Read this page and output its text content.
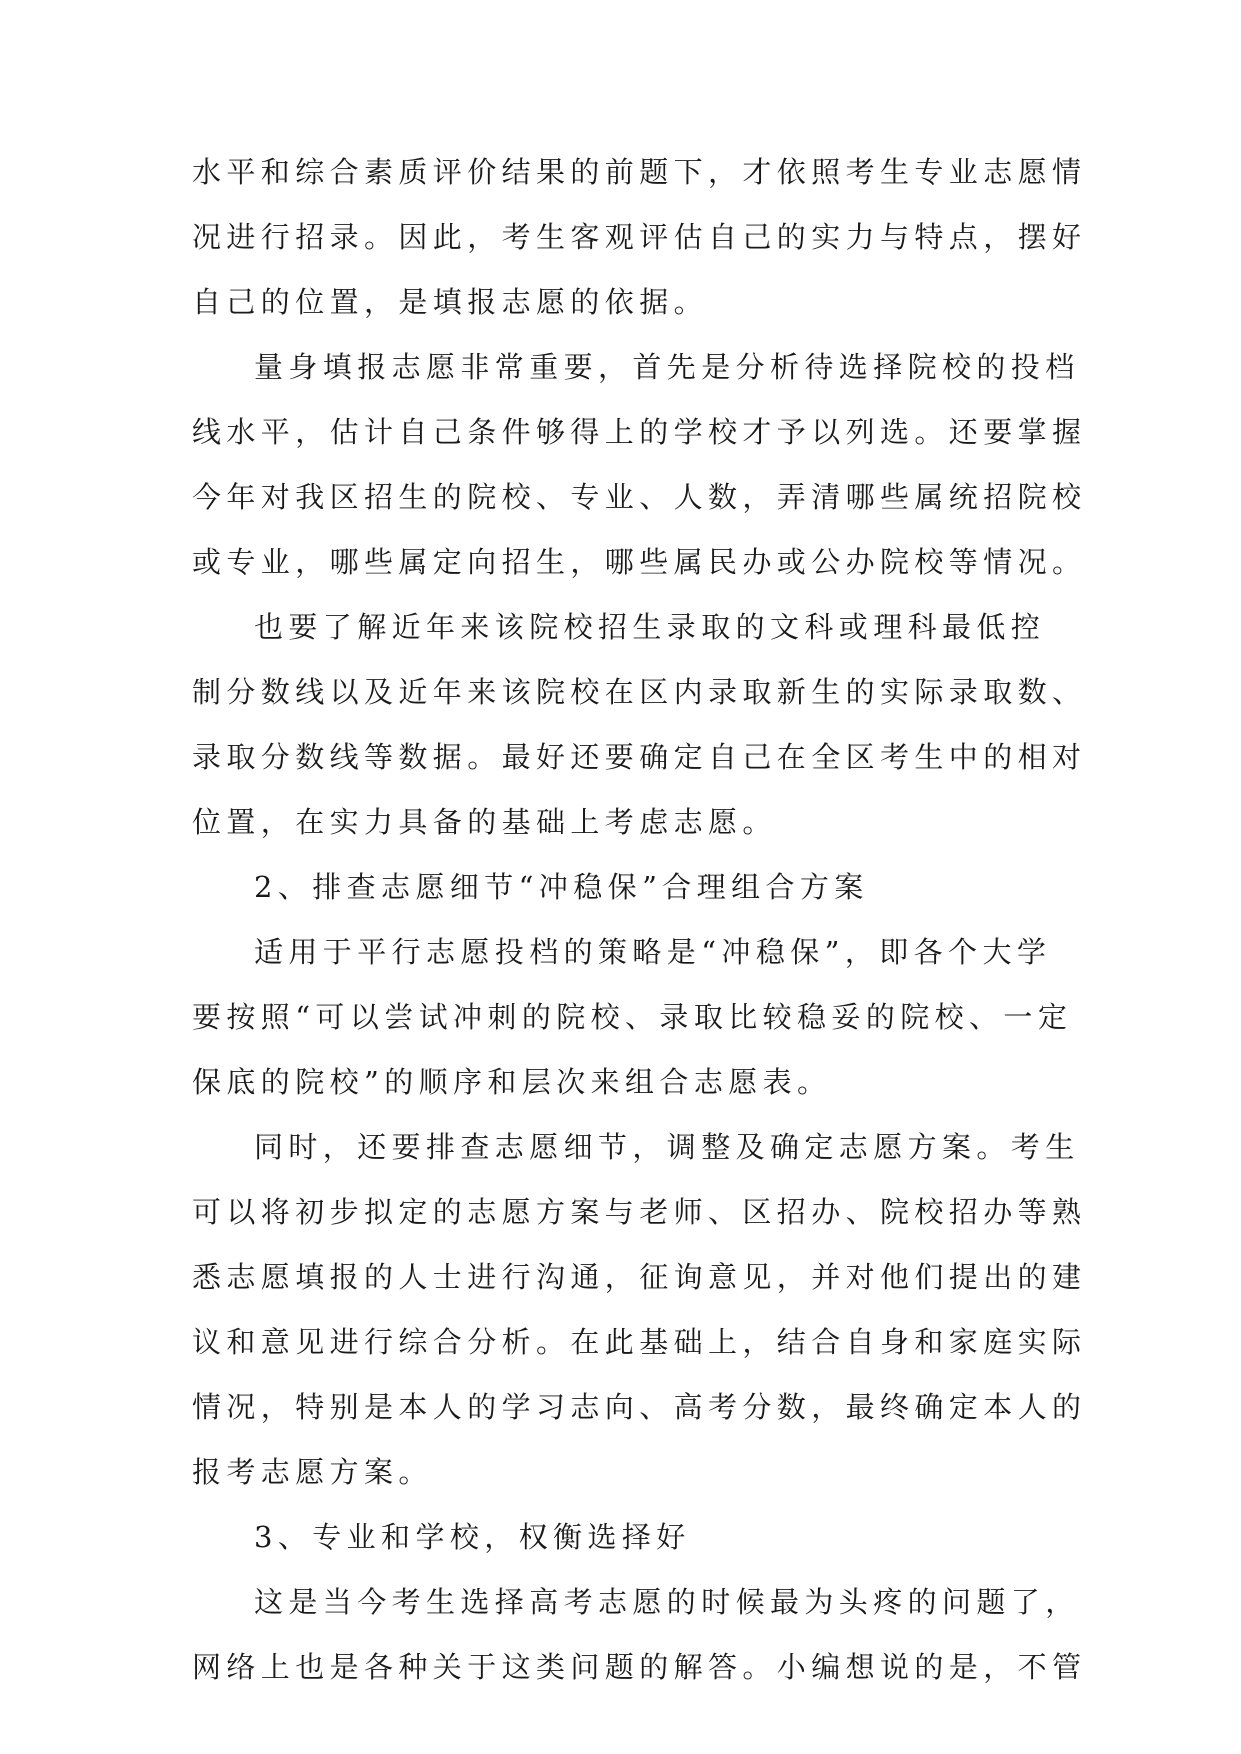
水平和综合素质评价结果的前题下，才依照考生专业志愿情
况进行招录。因此，考生客观评估自己的实力与特点，摆好
自己的位置，是填报志愿的依据。
量身填报志愿非常重要，首先是分析待选择院校的投档
线水平，估计自己条件够得上的学校才予以列选。还要掌握
今年对我区招生的院校、专业、人数，弄清哪些属统招院校
或专业，哪些属定向招生，哪些属民办或公办院校等情况。
也要了解近年来该院校招生录取的文科或理科最低控
制分数线以及近年来该院校在区内录取新生的实际录取数、
录取分数线等数据。最好还要确定自己在全区考生中的相对
位置，在实力具备的基础上考虑志愿。
2、排查志愿细节“冲稳保”合理组合方案
适用于平行志愿投档的策略是“冲稳保”，即各个大学
要按照“可以尝试冲刺的院校、录取比较稳妥的院校、一定
保底的院校”的顺序和层次来组合志愿表。
同时，还要排查志愿细节，调整及确定志愿方案。考生
可以将初步拟定的志愿方案与老师、区招办、院校招办等熟
悉志愿填报的人士进行沟通，征询意见，并对他们提出的建
议和意见进行综合分析。在此基础上，结合自身和家庭实际
情况，特别是本人的学习志向、高考分数，最终确定本人的
报考志愿方案。
3、专业和学校，权衡选择好
这是当今考生选择高考志愿的时候最为头疼的问题了，
网络上也是各种关于这类问题的解答。小编想说的是，不管
